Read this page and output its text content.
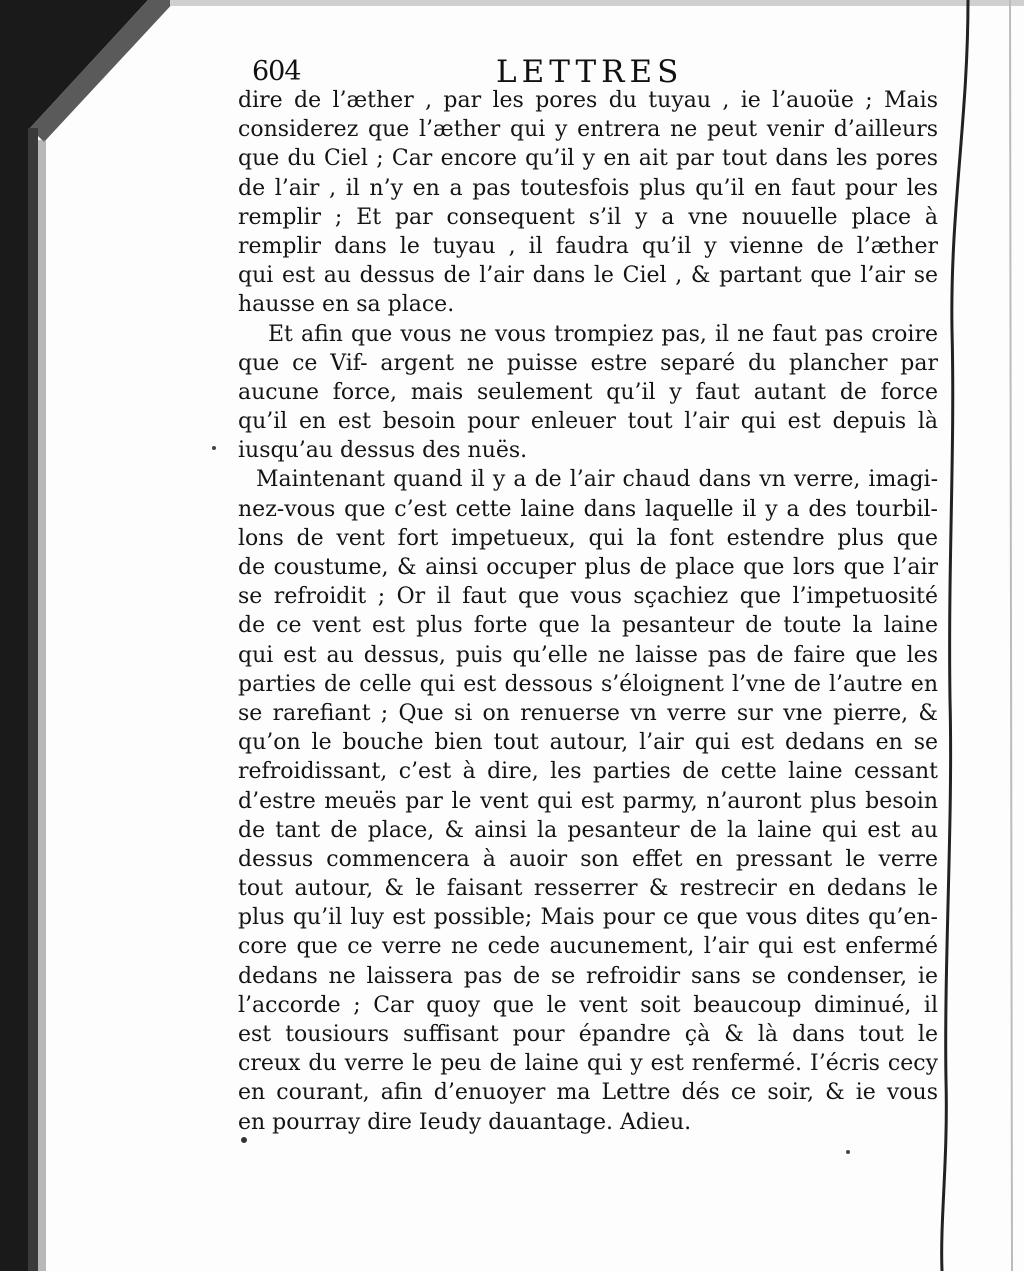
604	LETTRES

dire de l’æther , par les pores du tuyau , ie l’auoüe ; Mais
considerez que l’æther qui y entrera ne peut venir d’ailleurs
que du Ciel ; Car encore qu’il y en ait par tout dans les pores
de l’air , il n’y en a pas toutesfois plus qu’il en faut pour les
remplir ; Et par consequent s’il y a vne nouuelle place à
remplir dans le tuyau , il faudra qu’il y vienne de l’æther
qui est au dessus de l’air dans le Ciel , & partant que l’air se
hausse en sa place.

Et afin que vous ne vous trompiez pas, il ne faut pas croire
que ce Vif- argent ne puisse estre separé du plancher par
aucune force, mais seulement qu’il y faut autant de force
qu’il en est besoin pour enleuer tout l’air qui est depuis là
iusqu’au dessus des nuës.

Maintenant quand il y a de l’air chaud dans vn verre, imagi-
nez-vous que c’est cette laine dans laquelle il y a des tourbil-
lons de vent fort impetueux, qui la font estendre plus que
de coustume, & ainsi occuper plus de place que lors que l’air
se refroidit ; Or il faut que vous sçachiez que l’impetuosité
de ce vent est plus forte que la pesanteur de toute la laine
qui est au dessus, puis qu’elle ne laisse pas de faire que les
parties de celle qui est dessous s’éloignent l’vne de l’autre en
se rarefiant ; Que si on renuerse vn verre sur vne pierre, &
qu’on le bouche bien tout autour, l’air qui est dedans en se
refroidissant, c’est à dire, les parties de cette laine cessant
d’estre meuës par le vent qui est parmy, n’auront plus besoin
de tant de place, & ainsi la pesanteur de la laine qui est au
dessus commencera à auoir son effet en pressant le verre
tout autour, & le faisant resserrer & restrecir en dedans le
plus qu’il luy est possible; Mais pour ce que vous dites qu’en-
core que ce verre ne cede aucunement, l’air qui est enfermé
dedans ne laissera pas de se refroidir sans se condenser, ie
l’accorde ; Car quoy que le vent soit beaucoup diminué, il
est tousiours suffisant pour épandre çà & là dans tout le
creux du verre le peu de laine qui y est renfermé. I’écris cecy
en courant, afin d’enuoyer ma Lettre dés ce soir, & ie vous
en pourray dire Ieudy dauantage. Adieu.
